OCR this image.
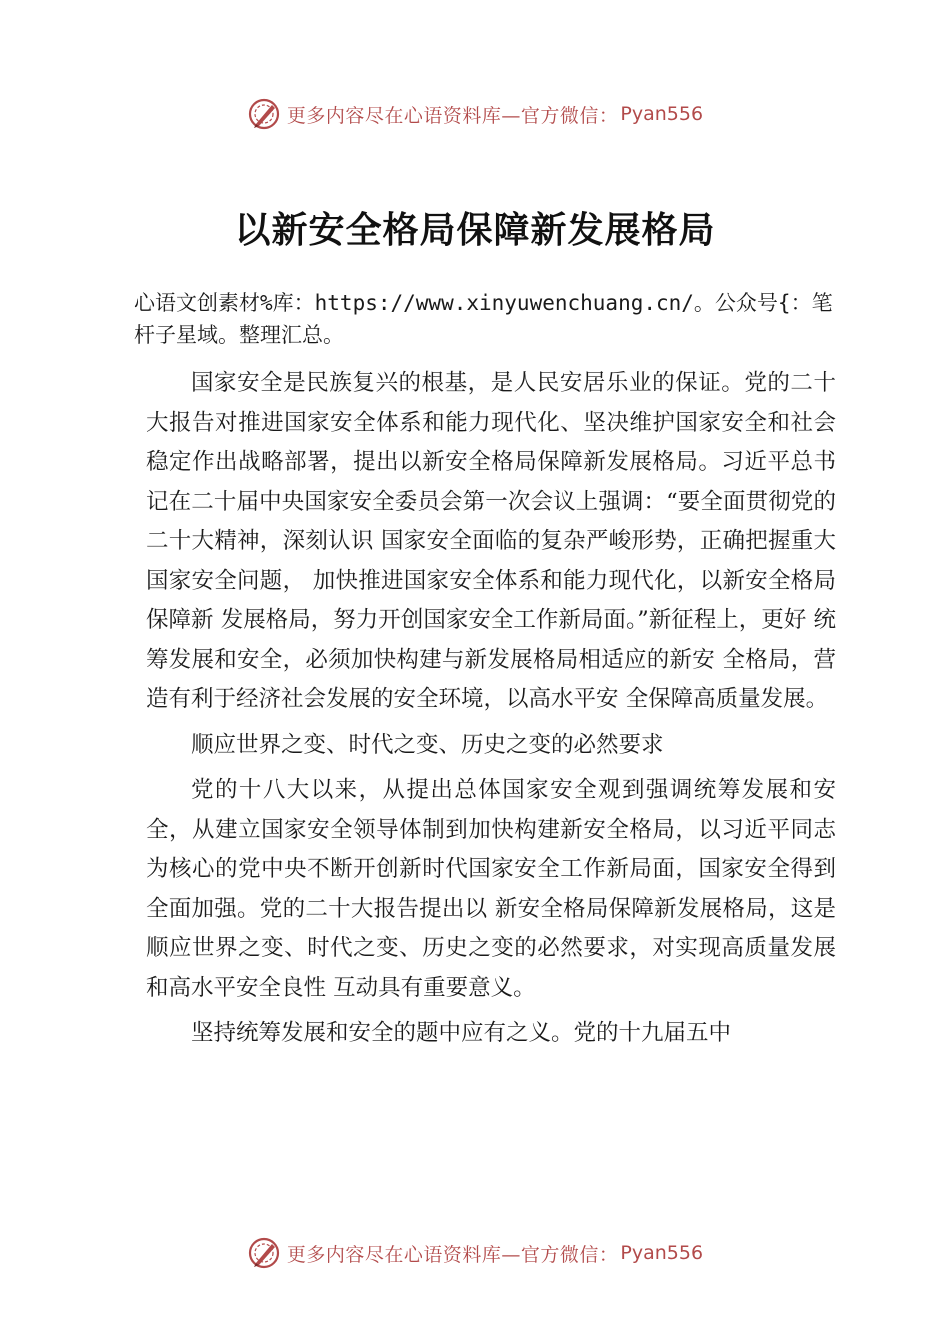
更多内容尽在心语资料库—官方微信： Pyan556
以新安全格局保障新发展格局
心语文创素材%库：https://www.xinyuwenchuang.cn/。公众号{：笔杆子星域。整理汇总。

国家安全是民族复兴的根基，是人民安居乐业的保证。党的二十大报告对推进国家安全体系和能力现代化、坚决维护国家安全和社会稳定作出战略部署，提出以新安全格局保障新发展格局。习近平总书记在二十届中央国家安全委员会第一次会议上强调：“要全面贯彻党的二十大精神，深刻认识 国家安全面临的复杂严峻形势，正确把握重大国家安全问题， 加快推进国家安全体系和能力现代化，以新安全格局保障新 发展格局，努力开创国家安全工作新局面。”新征程上，更好 统筹发展和安全，必须加快构建与新发展格局相适应的新安 全格局，营造有利于经济社会发展的安全环境，以高水平安 全保障高质量发展。

顺应世界之变、时代之变、历史之变的必然要求

党的十八大以来，从提出总体国家安全观到强调统筹发展和安全，从建立国家安全领导体制到加快构建新安全格局，以习近平同志为核心的党中央不断开创新时代国家安全工作新局面，国家安全得到全面加强。党的二十大报告提出以 新安全格局保障新发展格局，这是顺应世界之变、时代之变、历史之变的必然要求，对实现高质量发展和高水平安全良性 互动具有重要意义。

坚持统筹发展和安全的题中应有之义。党的十九届五中

更多内容尽在心语资料库—官方微信： Pyan556
